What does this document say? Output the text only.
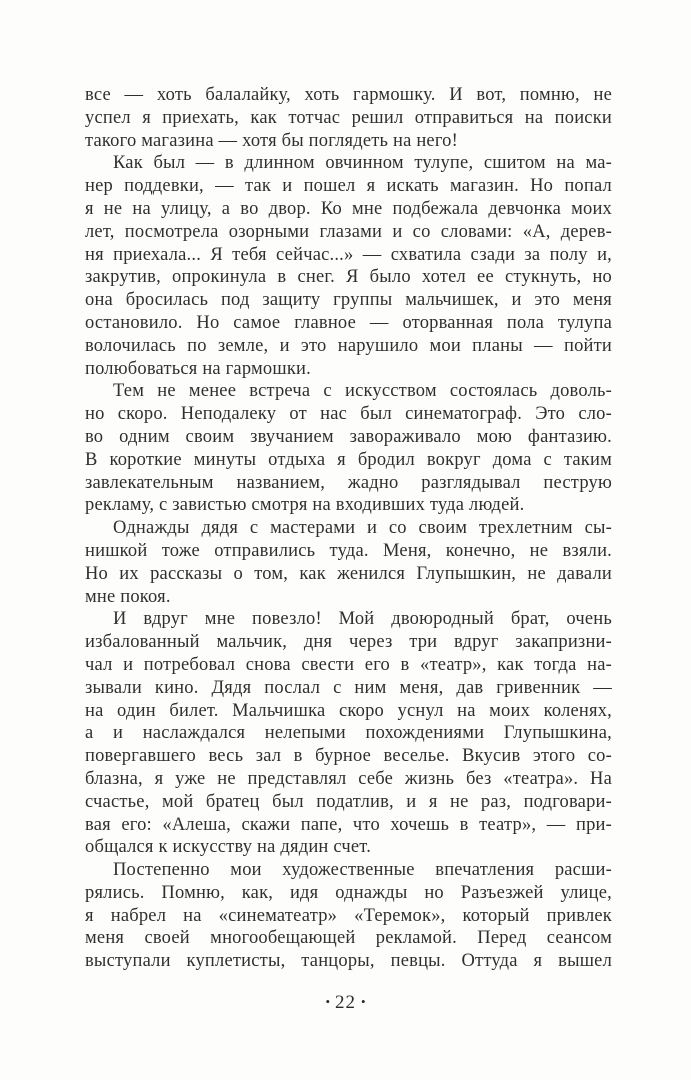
все — хоть балалайку, хоть гармошку. И вот, помню, не
успел я приехать, как тотчас решил отправиться на поиски
такого магазина — хотя бы поглядеть на него!
Как был — в длинном овчинном тулупе, сшитом на ма-
нер поддевки, — так и пошел я искать магазин. Но попал
я не на улицу, а во двор. Ко мне подбежала девчонка моих
лет, посмотрела озорными глазами и со словами: «А, дерев-
ня приехала... Я тебя сейчас...» — схватила сзади за полу и,
закрутив, опрокинула в снег. Я было хотел ее стукнуть, но
она бросилась под защиту группы мальчишек, и это меня
остановило. Но самое главное — оторванная пола тулупа
волочилась по земле, и это нарушило мои планы — пойти
полюбоваться на гармошки.
Тем не менее встреча с искусством состоялась доволь-
но скоро. Неподалеку от нас был синематограф. Это сло-
во одним своим звучанием завораживало мою фантазию.
В короткие минуты отдыха я бродил вокруг дома с таким
завлекательным названием, жадно разглядывал пеструю
рекламу, с завистью смотря на входивших туда людей.
Однажды дядя с мастерами и со своим трехлетним сы-
нишкой тоже отправились туда. Меня, конечно, не взяли.
Но их рассказы о том, как женился Глупышкин, не давали
мне покоя.
И вдруг мне повезло! Мой двоюродный брат, очень
избалованный мальчик, дня через три вдруг закапризни-
чал и потребовал снова свести его в «театр», как тогда на-
зывали кино. Дядя послал с ним меня, дав гривенник —
на один билет. Мальчишка скоро уснул на моих коленях,
а и наслаждался нелепыми похождениями Глупышкина,
повергавшего весь зал в бурное веселье. Вкусив этого со-
блазна, я уже не представлял себе жизнь без «театра». На
счастье, мой братец был податлив, и я не раз, подговари-
вая его: «Алеша, скажи папе, что хочешь в театр», — при-
общался к искусству на дядин счет.
Постепенно мои художественные впечатления расши-
рялись. Помню, как, идя однажды но Разъезжей улице,
я набрел на «синематеатр» «Теремок», который привлек
меня своей многообещающей рекламой. Перед сеансом
выступали куплетисты, танцоры, певцы. Оттуда я вышел
• 22 •
